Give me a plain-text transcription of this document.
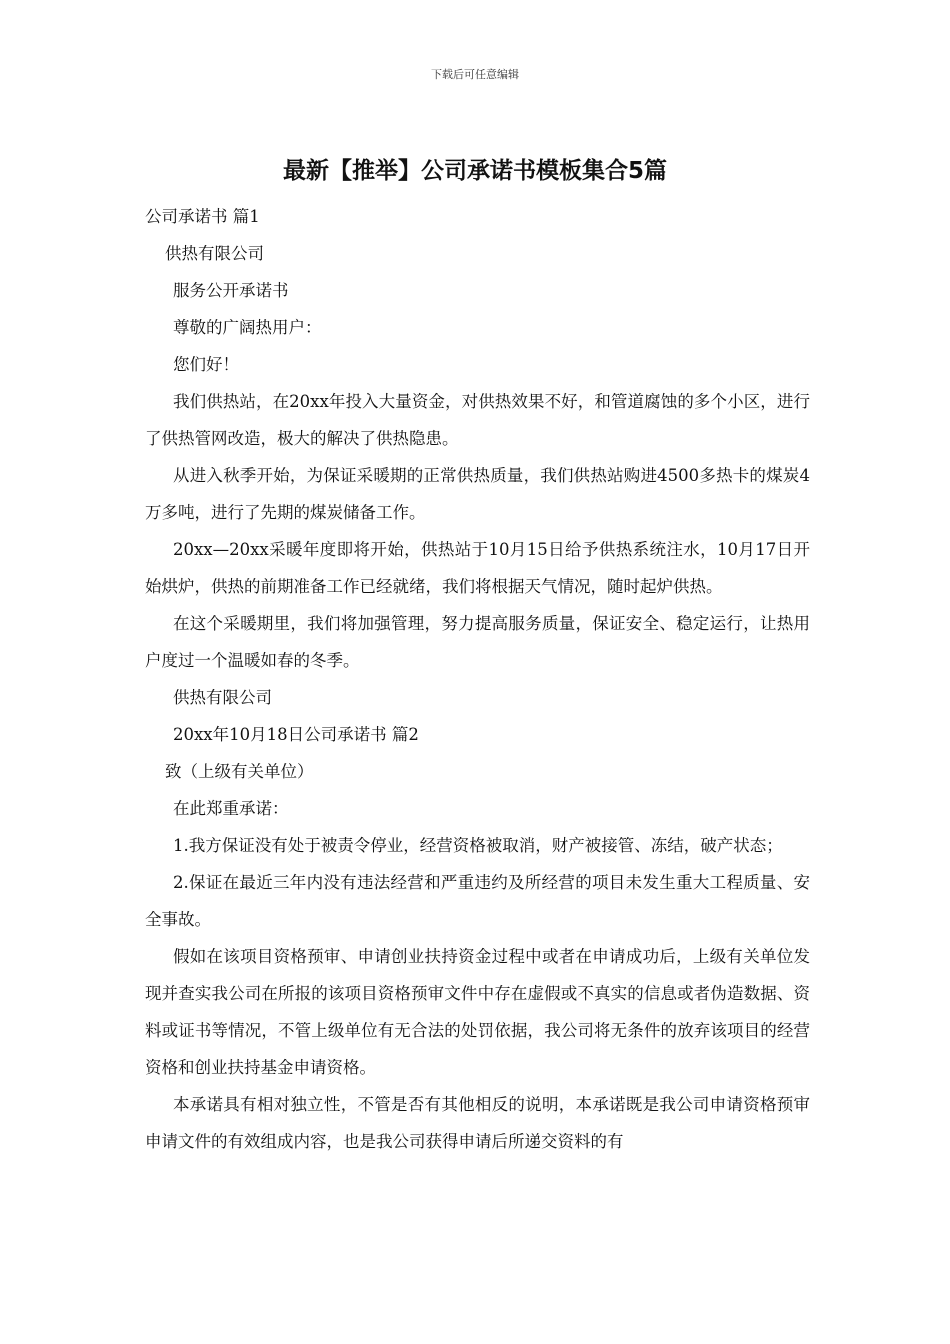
下载后可任意编辑
最新【推举】公司承诺书模板集合5篇

公司承诺书 篇1

供热有限公司

服务公开承诺书

尊敬的广阔热用户：

您们好！

我们供热站，在20xx年投入大量资金，对供热效果不好，和管道腐蚀的多个小区，进行了供热管网改造，极大的解决了供热隐患。

从进入秋季开始，为保证采暖期的正常供热质量，我们供热站购进4500多热卡的煤炭4万多吨，进行了先期的煤炭储备工作。

20xx—20xx采暖年度即将开始，供热站于10月15日给予供热系统注水，10月17日开始烘炉，供热的前期准备工作已经就绪，我们将根据天气情况，随时起炉供热。

在这个采暖期里，我们将加强管理，努力提高服务质量，保证安全、稳定运行，让热用户度过一个温暖如春的冬季。

供热有限公司

20xx年10月18日公司承诺书 篇2

致（上级有关单位）

在此郑重承诺：

1.我方保证没有处于被责令停业，经营资格被取消，财产被接管、冻结，破产状态；

2.保证在最近三年内没有违法经营和严重违约及所经营的项目未发生重大工程质量、安全事故。

假如在该项目资格预审、申请创业扶持资金过程中或者在申请成功后，上级有关单位发现并查实我公司在所报的该项目资格预审文件中存在虚假或不真实的信息或者伪造数据、资料或证书等情况，不管上级单位有无合法的处罚依据，我公司将无条件的放弃该项目的经营资格和创业扶持基金申请资格。

本承诺具有相对独立性，不管是否有其他相反的说明，本承诺既是我公司申请资格预审申请文件的有效组成内容，也是我公司获得申请后所递交资料的有
